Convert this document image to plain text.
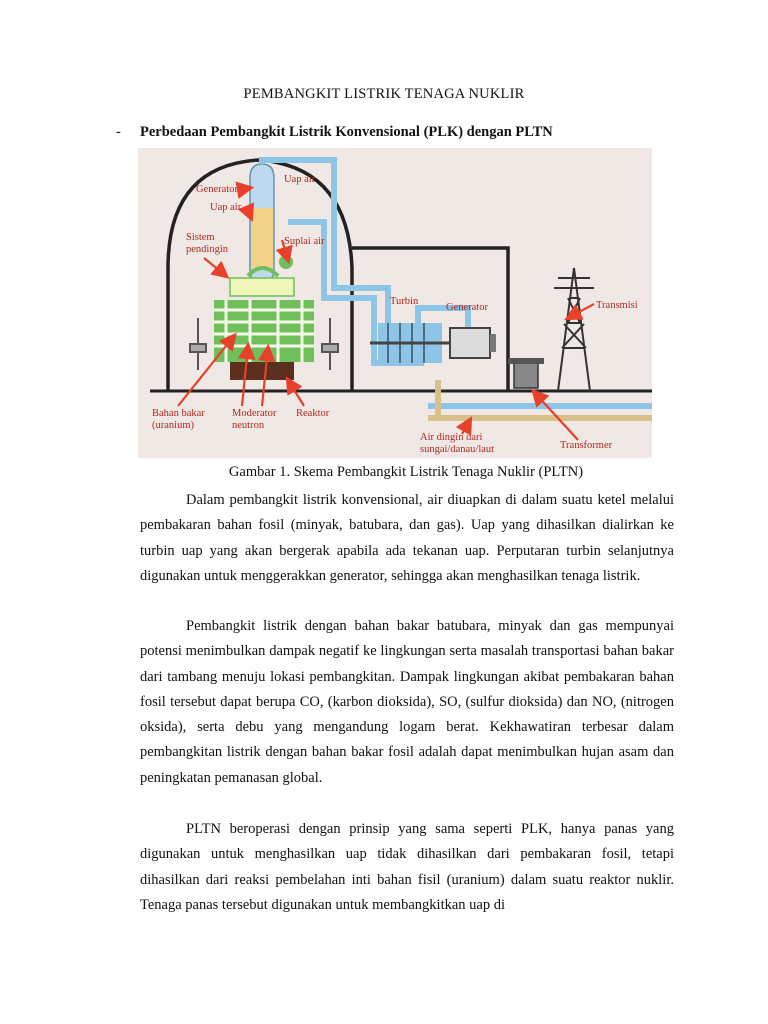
PEMBANGKIT LISTRIK TENAGA NUKLIR
- Perbedaan Pembangkit Listrik Konvensional (PLK) dengan PLTN
Generator
Uap air
Uap air
Sistem
pendingin
Suplai air
Turbin
Generator	Transmisi
Bahan bakar
(uranium)
Moderator
neutron
Reaktor
Air dingin dari
sungai/danau/laut	Transformer
Gambar 1. Skema Pembangkit Listrik Tenaga Nuklir (PLTN)

Dalam pembangkit listrik konvensional, air diuapkan di dalam suatu ketel melalui pembakaran bahan fosil (minyak, batubara, dan gas). Uap yang dihasilkan dialirkan ke turbin uap yang akan bergerak apabila ada tekanan uap. Perputaran turbin selanjutnya digunakan untuk menggerakkan generator, sehingga akan menghasilkan tenaga listrik.

Pembangkit listrik dengan bahan bakar batubara, minyak dan gas mempunyai potensi menimbulkan dampak negatif ke lingkungan serta masalah transportasi bahan bakar dari tambang menuju lokasi pembangkitan. Dampak lingkungan akibat pembakaran bahan fosil tersebut dapat berupa CO, (karbon dioksida), SO, (sulfur dioksida) dan NO, (nitrogen oksida), serta debu yang mengandung logam berat. Kekhawatiran terbesar dalam pembangkitan listrik dengan bahan bakar fosil adalah dapat menimbulkan hujan asam dan peningkatan pemanasan global.

PLTN beroperasi dengan prinsip yang sama seperti PLK, hanya panas yang digunakan untuk menghasilkan uap tidak dihasilkan dari pembakaran fosil, tetapi dihasilkan dari reaksi pembelahan inti bahan fisil (uranium) dalam suatu reaktor nuklir. Tenaga panas tersebut digunakan untuk membangkitkan uap di
